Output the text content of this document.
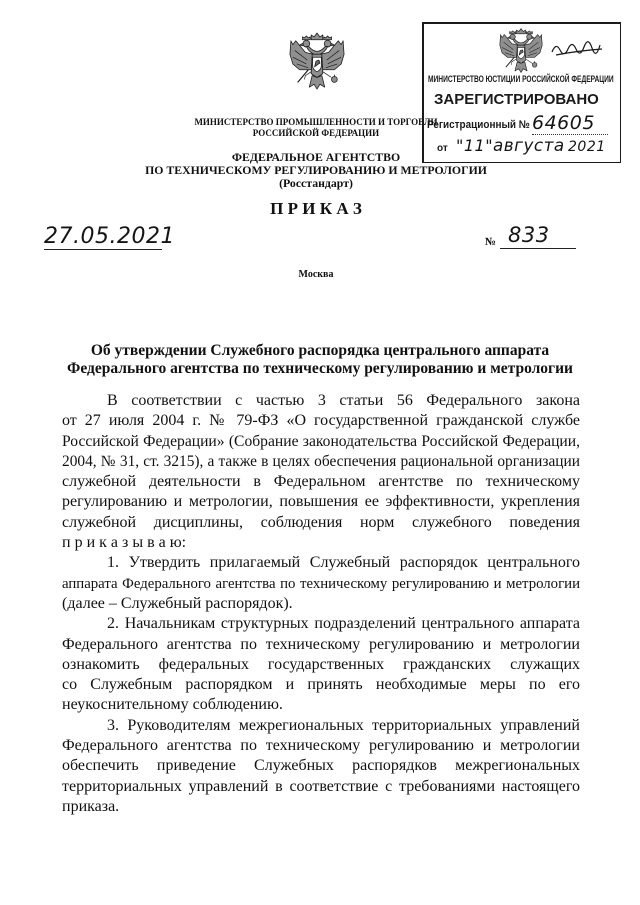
МИНИСТЕРСТВО ЮСТИЦИИ РОССИЙСКОЙ ФЕДЕРАЦИИ
ЗАРЕГИСТРИРОВАНО
Регистрационный № 64605
от "11" августа 2021
МИНИСТЕРСТВО ПРОМЫШЛЕННОСТИ И ТОРГОВЛИ
РОССИЙСКОЙ ФЕДЕРАЦИИ
ФЕДЕРАЛЬНОЕ АГЕНТСТВО
ПО ТЕХНИЧЕСКОМУ РЕГУЛИРОВАНИЮ И МЕТРОЛОГИИ
(Росстандарт)
П Р И К А З
27.05.2021	№ 833
Москва
Об утверждении Служебного распорядка центрального аппарата
Федерального агентства по техническому регулированию и метрологии
В соответствии с частью 3 статьи 56 Федерального закона
от 27 июля 2004 г. № 79-ФЗ «О государственной гражданской службе
Российской Федерации» (Собрание законодательства Российской Федерации,
2004, № 31, ст. 3215), а также в целях обеспечения рациональной организации
служебной деятельности в Федеральном агентстве по техническому
регулированию и метрологии, повышения ее эффективности, укрепления
служебной дисциплины, соблюдения норм служебного поведения
п р и к а з ы в а ю:
1. Утвердить прилагаемый Служебный распорядок центрального
аппарата Федерального агентства по техническому регулированию и метрологии
(далее – Служебный распорядок).
2. Начальникам структурных подразделений центрального аппарата
Федерального агентства по техническому регулированию и метрологии
ознакомить федеральных государственных гражданских служащих
со Служебным распорядком и принять необходимые меры по его
неукоснительному соблюдению.
3. Руководителям межрегиональных территориальных управлений
Федерального агентства по техническому регулированию и метрологии
обеспечить приведение Служебных распорядков межрегиональных
территориальных управлений в соответствие с требованиями настоящего
приказа.
